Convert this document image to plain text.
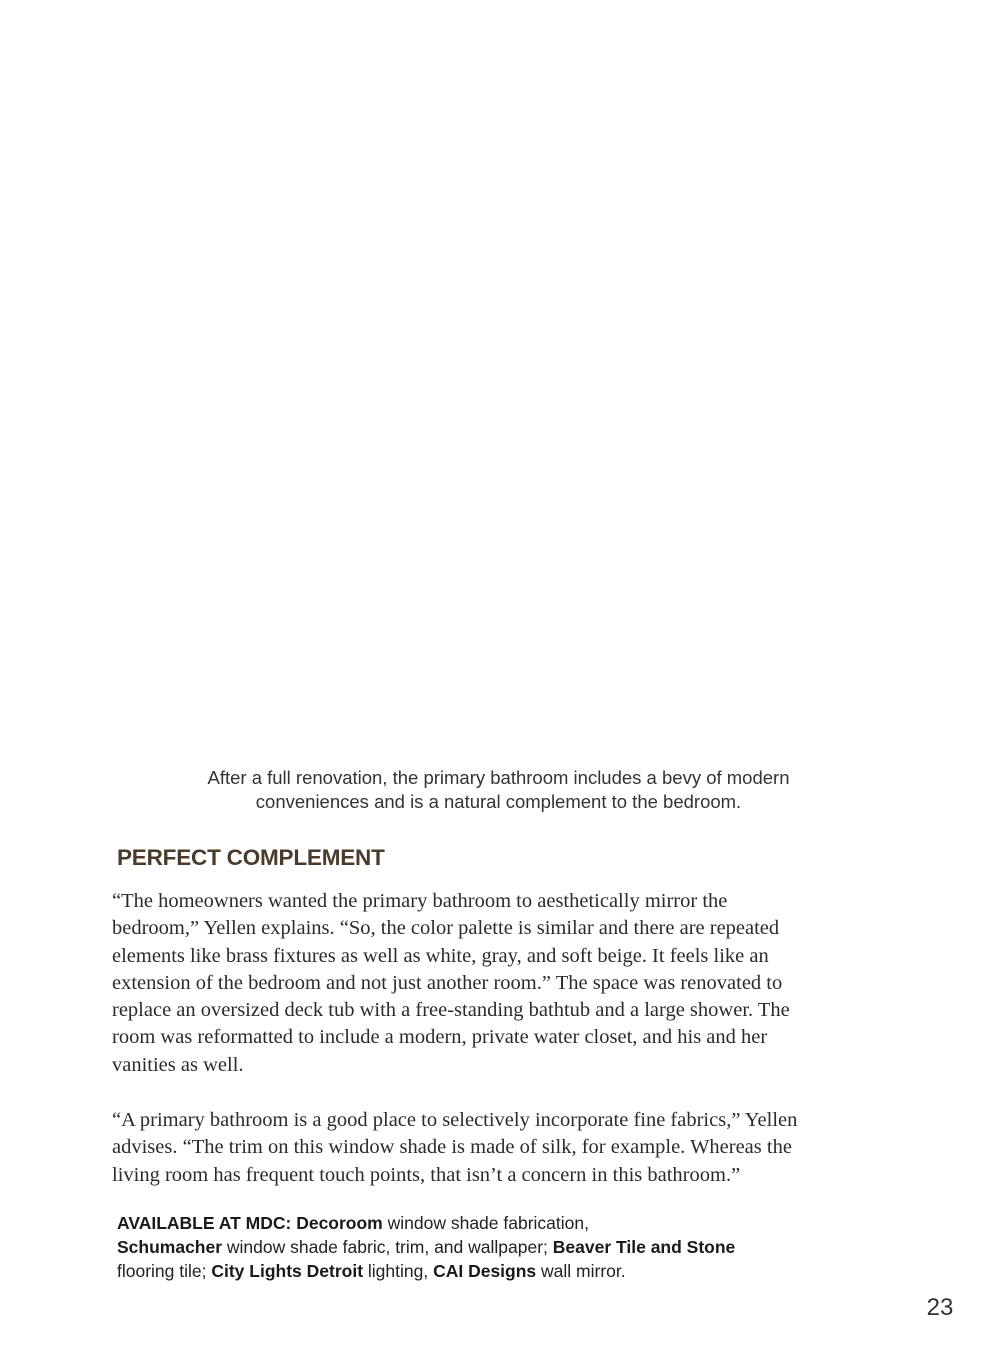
After a full renovation, the primary bathroom includes a bevy of modern
conveniences and is a natural complement to the bedroom.
PERFECT COMPLEMENT
“The homeowners wanted the primary bathroom to aesthetically mirror the
bedroom,” Yellen explains. “So, the color palette is similar and there are repeated
elements like brass fixtures as well as white, gray, and soft beige. It feels like an
extension of the bedroom and not just another room.” The space was renovated to
replace an oversized deck tub with a free-standing bathtub and a large shower. The
room was reformatted to include a modern, private water closet, and his and her
vanities as well.
“A primary bathroom is a good place to selectively incorporate fine fabrics,” Yellen
advises. “The trim on this window shade is made of silk, for example. Whereas the
living room has frequent touch points, that isn’t a concern in this bathroom.”
AVAILABLE AT MDC: Decoroom window shade fabrication,
Schumacher window shade fabric, trim, and wallpaper; Beaver Tile and Stone
flooring tile; City Lights Detroit lighting, CAI Designs wall mirror.
23
